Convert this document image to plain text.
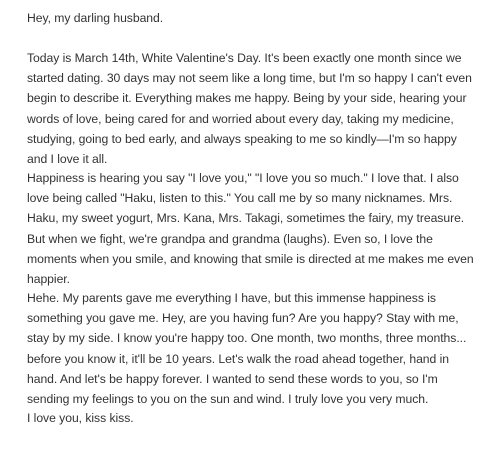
Hey, my darling husband.

Today is March 14th, White Valentine's Day. It's been exactly one month since we started dating. 30 days may not seem like a long time, but I'm so happy I can't even begin to describe it. Everything makes me happy. Being by your side, hearing your words of love, being cared for and worried about every day, taking my medicine, studying, going to bed early, and always speaking to me so kindly—I'm so happy and I love it all.

Happiness is hearing you say "I love you," "I love you so much." I love that. I also love being called "Haku, listen to this." You call me by so many nicknames. Mrs. Haku, my sweet yogurt, Mrs. Kana, Mrs. Takagi, sometimes the fairy, my treasure. But when we fight, we're grandpa and grandma (laughs). Even so, I love the moments when you smile, and knowing that smile is directed at me makes me even happier.

Hehe. My parents gave me everything I have, but this immense happiness is something you gave me. Hey, are you having fun? Are you happy? Stay with me, stay by my side. I know you're happy too. One month, two months, three months... before you know it, it'll be 10 years. Let's walk the road ahead together, hand in hand. And let's be happy forever. I wanted to send these words to you, so I'm sending my feelings to you on the sun and wind. I truly love you very much.

I love you, kiss kiss.
